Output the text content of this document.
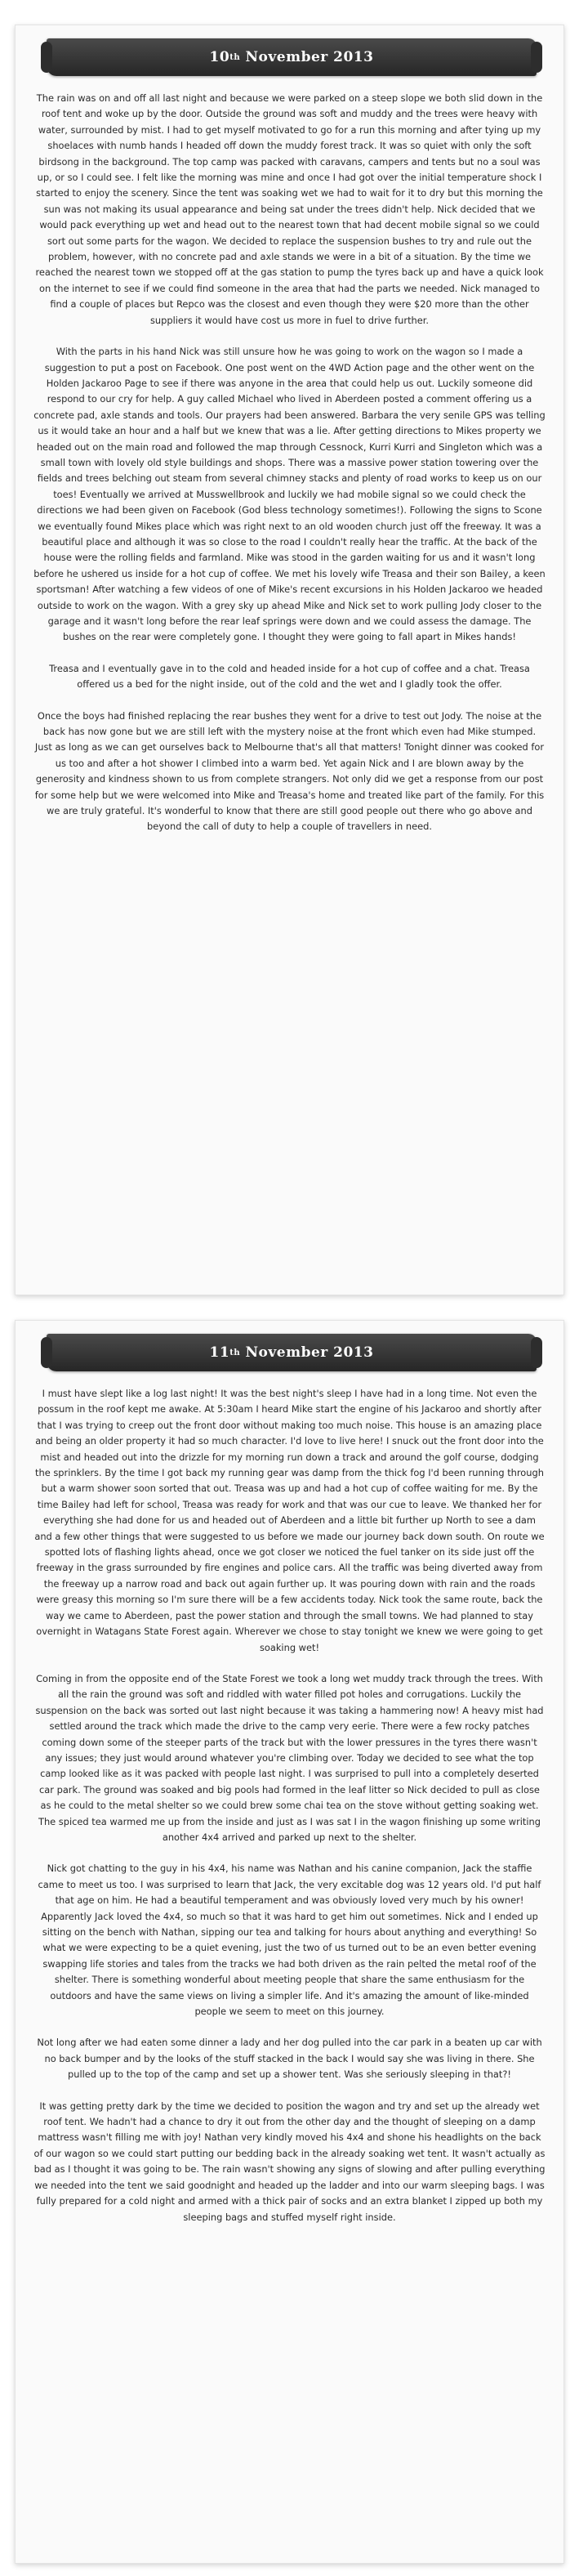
10 th
November 2013

The rain was on and off all last night and because we were parked on a steep slope we both slid down in the roof tent and woke up by the door. Outside the ground was soft and muddy and the trees were heavy with water, surrounded by mist. I had to get myself motivated to go for a run this morning and after tying up my shoelaces with numb hands I headed off down the muddy forest track. It was so quiet with only the soft birdsong in the background. The top camp was packed with caravans, campers and tents but no a soul was up, or so I could see. I felt like the morning was mine and once I had got over the initial temperature shock I started to enjoy the scenery. Since the tent was soaking wet we had to wait for it to dry but this morning the sun was not making its usual appearance and being sat under the trees didn't help. Nick decided that we would pack everything up wet and head out to the nearest town that had decent mobile signal so we could sort out some parts for the wagon. We decided to replace the suspension bushes to try and rule out the problem, however, with no concrete pad and axle stands we were in a bit of a situation. By the time we reached the nearest town we stopped off at the gas station to pump the tyres back up and have a quick look on the internet to see if we could find someone in the area that had the parts we needed. Nick managed to find a couple of places but Repco was the closest and even though they were $20 more than the other suppliers it would have cost us more in fuel to drive further.

With the parts in his hand Nick was still unsure how he was going to work on the wagon so I made a suggestion to put a post on Facebook. One post went on the 4WD Action page and the other went on the Holden Jackaroo Page to see if there was anyone in the area that could help us out. Luckily someone did respond to our cry for help. A guy called Michael who lived in Aberdeen posted a comment offering us a concrete pad, axle stands and tools. Our prayers had been answered. Barbara the very senile GPS was telling us it would take an hour and a half but we knew that was a lie. After getting directions to Mikes property we headed out on the main road and followed the map through Cessnock, Kurri Kurri and Singleton which was a small town with lovely old style buildings and shops. There was a massive power station towering over the fields and trees belching out steam from several chimney stacks and plenty of road works to keep us on our toes! Eventually we arrived at Musswellbrook and luckily we had mobile signal so we could check the directions we had been given on Facebook (God bless technology sometimes!). Following the signs to Scone we eventually found Mikes place which was right next to an old wooden church just off the freeway. It was a beautiful place and although it was so close to the road I couldn't really hear the traffic. At the back of the house were the rolling fields and farmland. Mike was stood in the garden waiting for us and it wasn't long before he ushered us inside for a hot cup of coffee. We met his lovely wife Treasa and their son Bailey, a keen sportsman! After watching a few videos of one of Mike's recent excursions in his Holden Jackaroo we headed outside to work on the wagon. With a grey sky up ahead Mike and Nick set to work pulling Jody closer to the garage and it wasn't long before the rear leaf springs were down and we could assess the damage. The bushes on the rear were completely gone. I thought they were going to fall apart in Mikes hands!

Treasa and I eventually gave in to the cold and headed inside for a hot cup of coffee and a chat. Treasa offered us a bed for the night inside, out of the cold and the wet and I gladly took the offer.

Once the boys had finished replacing the rear bushes they went for a drive to test out Jody. The noise at the back has now gone but we are still left with the mystery noise at the front which even had Mike stumped. Just as long as we can get ourselves back to Melbourne that's all that matters! Tonight dinner was cooked for us too and after a hot shower I climbed into a warm bed. Yet again Nick and I are blown away by the generosity and kindness shown to us from complete strangers. Not only did we get a response from our post for some help but we were welcomed into Mike and Treasa's home and treated like part of the family. For this we are truly grateful. It's wonderful to know that there are still good people out there who go above and beyond the call of duty to help a couple of travellers in need.

11 th
November 2013

I must have slept like a log last night! It was the best night's sleep I have had in a long time. Not even the possum in the roof kept me awake. At 5:30am I heard Mike start the engine of his Jackaroo and shortly after that I was trying to creep out the front door without making too much noise. This house is an amazing place and being an older property it had so much character. I'd love to live here! I snuck out the front door into the mist and headed out into the drizzle for my morning run down a track and around the golf course, dodging the sprinklers. By the time I got back my running gear was damp from the thick fog I'd been running through but a warm shower soon sorted that out. Treasa was up and had a hot cup of coffee waiting for me. By the time Bailey had left for school, Treasa was ready for work and that was our cue to leave. We thanked her for everything she had done for us and headed out of Aberdeen and a little bit further up North to see a dam and a few other things that were suggested to us before we made our journey back down south. On route we spotted lots of flashing lights ahead, once we got closer we noticed the fuel tanker on its side just off the freeway in the grass surrounded by fire engines and police cars. All the traffic was being diverted away from the freeway up a narrow road and back out again further up. It was pouring down with rain and the roads were greasy this morning so I'm sure there will be a few accidents today. Nick took the same route, back the way we came to Aberdeen, past the power station and through the small towns. We had planned to stay overnight in Watagans State Forest again. Wherever we chose to stay tonight we knew we were going to get soaking wet!

Coming in from the opposite end of the State Forest we took a long wet muddy track through the trees. With all the rain the ground was soft and riddled with water filled pot holes and corrugations. Luckily the suspension on the back was sorted out last night because it was taking a hammering now! A heavy mist had settled around the track which made the drive to the camp very eerie. There were a few rocky patches coming down some of the steeper parts of the track but with the lower pressures in the tyres there wasn't any issues; they just would around whatever you're climbing over. Today we decided to see what the top camp looked like as it was packed with people last night. I was surprised to pull into a completely deserted car park. The ground was soaked and big pools had formed in the leaf litter so Nick decided to pull as close as he could to the metal shelter so we could brew some chai tea on the stove without getting soaking wet. The spiced tea warmed me up from the inside and just as I was sat I in the wagon finishing up some writing another 4x4 arrived and parked up next to the shelter.

Nick got chatting to the guy in his 4x4, his name was Nathan and his canine companion, Jack the staffie came to meet us too. I was surprised to learn that Jack, the very excitable dog was 12 years old. I'd put half that age on him. He had a beautiful temperament and was obviously loved very much by his owner! Apparently Jack loved the 4x4, so much so that it was hard to get him out sometimes. Nick and I ended up sitting on the bench with Nathan, sipping our tea and talking for hours about anything and everything! So what we were expecting to be a quiet evening, just the two of us turned out to be an even better evening swapping life stories and tales from the tracks we had both driven as the rain pelted the metal roof of the shelter. There is something wonderful about meeting people that share the same enthusiasm for the outdoors and have the same views on living a simpler life. And it's amazing the amount of like-minded people we seem to meet on this journey.

Not long after we had eaten some dinner a lady and her dog pulled into the car park in a beaten up car with no back bumper and by the looks of the stuff stacked in the back I would say she was living in there. She pulled up to the top of the camp and set up a shower tent. Was she seriously sleeping in that?!

It was getting pretty dark by the time we decided to position the wagon and try and set up the already wet roof tent. We hadn't had a chance to dry it out from the other day and the thought of sleeping on a damp mattress wasn't filling me with joy! Nathan very kindly moved his 4x4 and shone his headlights on the back of our wagon so we could start putting our bedding back in the already soaking wet tent. It wasn't actually as bad as I thought it was going to be. The rain wasn't showing any signs of slowing and after pulling everything we needed into the tent we said goodnight and headed up the ladder and into our warm sleeping bags. I was fully prepared for a cold night and armed with a thick pair of socks and an extra blanket I zipped up both my sleeping bags and stuffed myself right inside.
